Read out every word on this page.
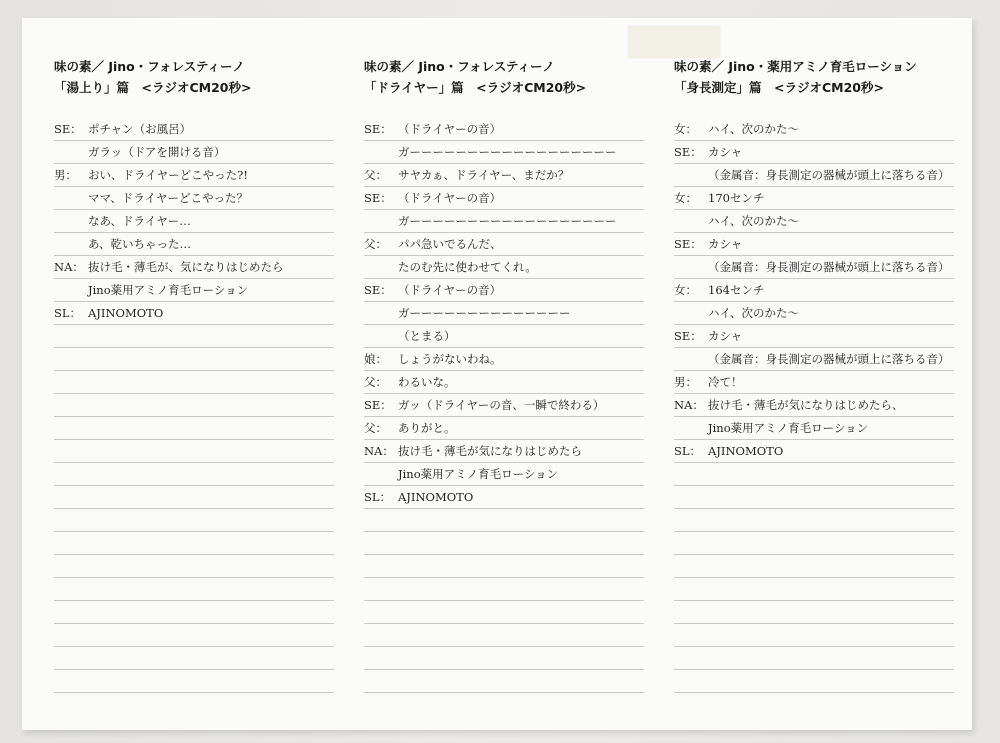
味の素／ Jino・フォレスティーノ
「湯上り」篇　<ラジオCM20秒>
SE： ポチャン（お風呂）
ガラッ（ドアを開ける音）
男： おい、ドライヤーどこやった?!
ママ、ドライヤーどこやった？
なあ、ドライヤー…
あ、乾いちゃった…
NA： 抜け毛・薄毛が、気になりはじめたら
Jino薬用アミノ育毛ローション
SL： AJINOMOTO
味の素／ Jino・フォレスティーノ
「ドライヤー」篇　<ラジオCM20秒>
SE： （ドライヤーの音）
ガーーーーーーーーーーーーーーーーーー
父： サヤカぁ、ドライヤー、まだか？
SE： （ドライヤーの音）
ガーーーーーーーーーーーーーーーーーー
父： パパ急いでるんだ、
たのむ先に使わせてくれ。
SE： （ドライヤーの音）
ガーーーーーーーーーーーーーー
（とまる）
娘： しょうがないわね。
父： わるいな。
SE： ガッ（ドライヤーの音、一瞬で終わる）
父： ありがと。
NA： 抜け毛・薄毛が気になりはじめたら
Jino薬用アミノ育毛ローション
SL： AJINOMOTO
味の素／ Jino・薬用アミノ育毛ローション
「身長測定」篇　<ラジオCM20秒>
女： ハイ、次のかた〜
SE： カシャ
（金属音：身長測定の器械が頭上に落ちる音）
女： 170センチ
ハイ、次のかた〜
SE： カシャ
（金属音：身長測定の器械が頭上に落ちる音）
女： 164センチ
ハイ、次のかた〜
SE： カシャ
（金属音：身長測定の器械が頭上に落ちる音）
男： 冷て！
NA： 抜け毛・薄毛が気になりはじめたら、
Jino薬用アミノ育毛ローション
SL： AJINOMOTO
